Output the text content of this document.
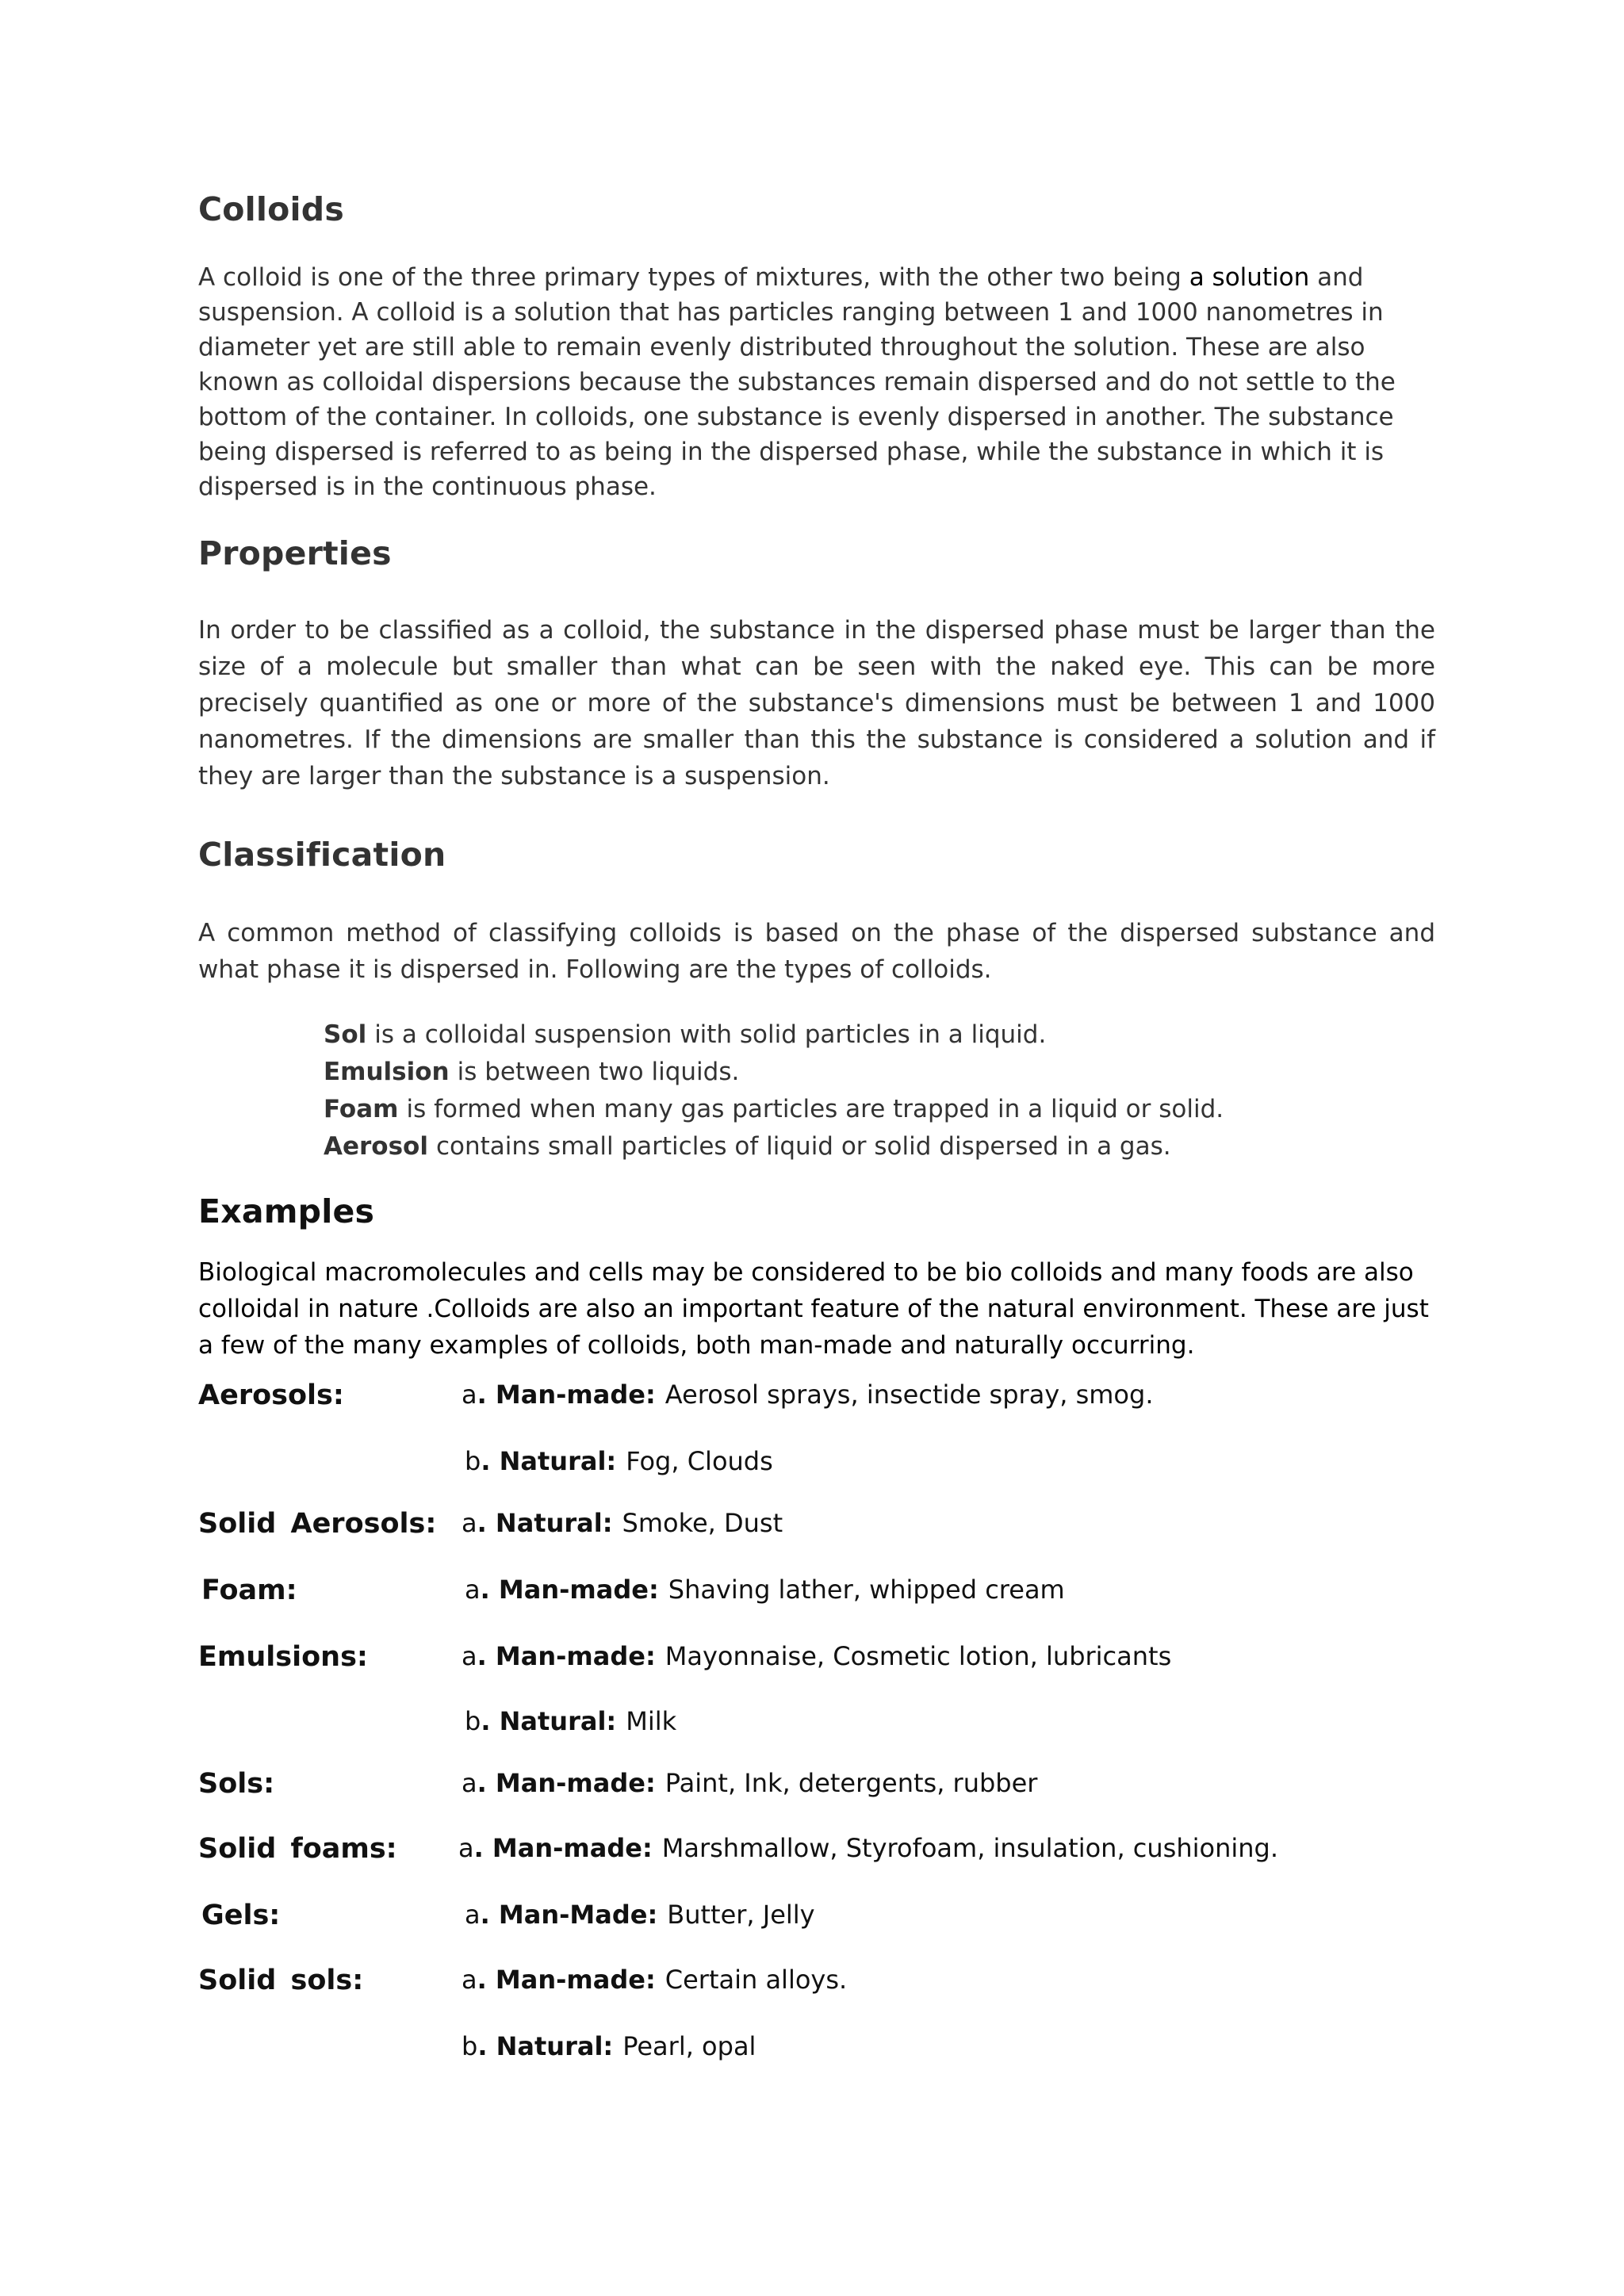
Colloids

A colloid is one of the three primary types of mixtures, with the other two being a solution and suspension. A colloid is a solution that has particles ranging between 1 and 1000 nanometres in diameter yet are still able to remain evenly distributed throughout the solution. These are also known as colloidal dispersions because the substances remain dispersed and do not settle to the bottom of the container. In colloids, one substance is evenly dispersed in another. The substance being dispersed is referred to as being in the dispersed phase, while the substance in which it is dispersed is in the continuous phase.

Properties

In order to be classified as a colloid, the substance in the dispersed phase must be larger than the size of a molecule but smaller than what can be seen with the naked eye. This can be more precisely quantified as one or more of the substance's dimensions must be between 1 and 1000 nanometres. If the dimensions are smaller than this the substance is considered a solution and if they are larger than the substance is a suspension.

Classification

A common method of classifying colloids is based on the phase of the dispersed substance and what phase it is dispersed in. Following are the types of colloids.

Sol is a colloidal suspension with solid particles in a liquid.
Emulsion is between two liquids.
Foam is formed when many gas particles are trapped in a liquid or solid.
Aerosol contains small particles of liquid or solid dispersed in a gas.
Examples

Biological macromolecules and cells may be considered to be bio colloids and many foods are also colloidal in nature .Colloids are also an important feature of the natural environment. These are just a few of the many examples of colloids, both man-made and naturally occurring.

Aerosols:	a. Man-made: Aerosol sprays, insectide spray, smog.
b. Natural: Fog, Clouds
Solid Aerosols: a. Natural: Smoke, Dust
Foam:	a. Man-made: Shaving lather, whipped cream
Emulsions:	a. Man-made: Mayonnaise, Cosmetic lotion, lubricants
b. Natural: Milk
Sols:	a. Man-made: Paint, Ink, detergents, rubber
Solid foams:	a. Man-made: Marshmallow, Styrofoam, insulation, cushioning.
Gels:	a. Man-Made: Butter, Jelly
Solid sols:	a. Man-made: Certain alloys.
b. Natural: Pearl, opal
